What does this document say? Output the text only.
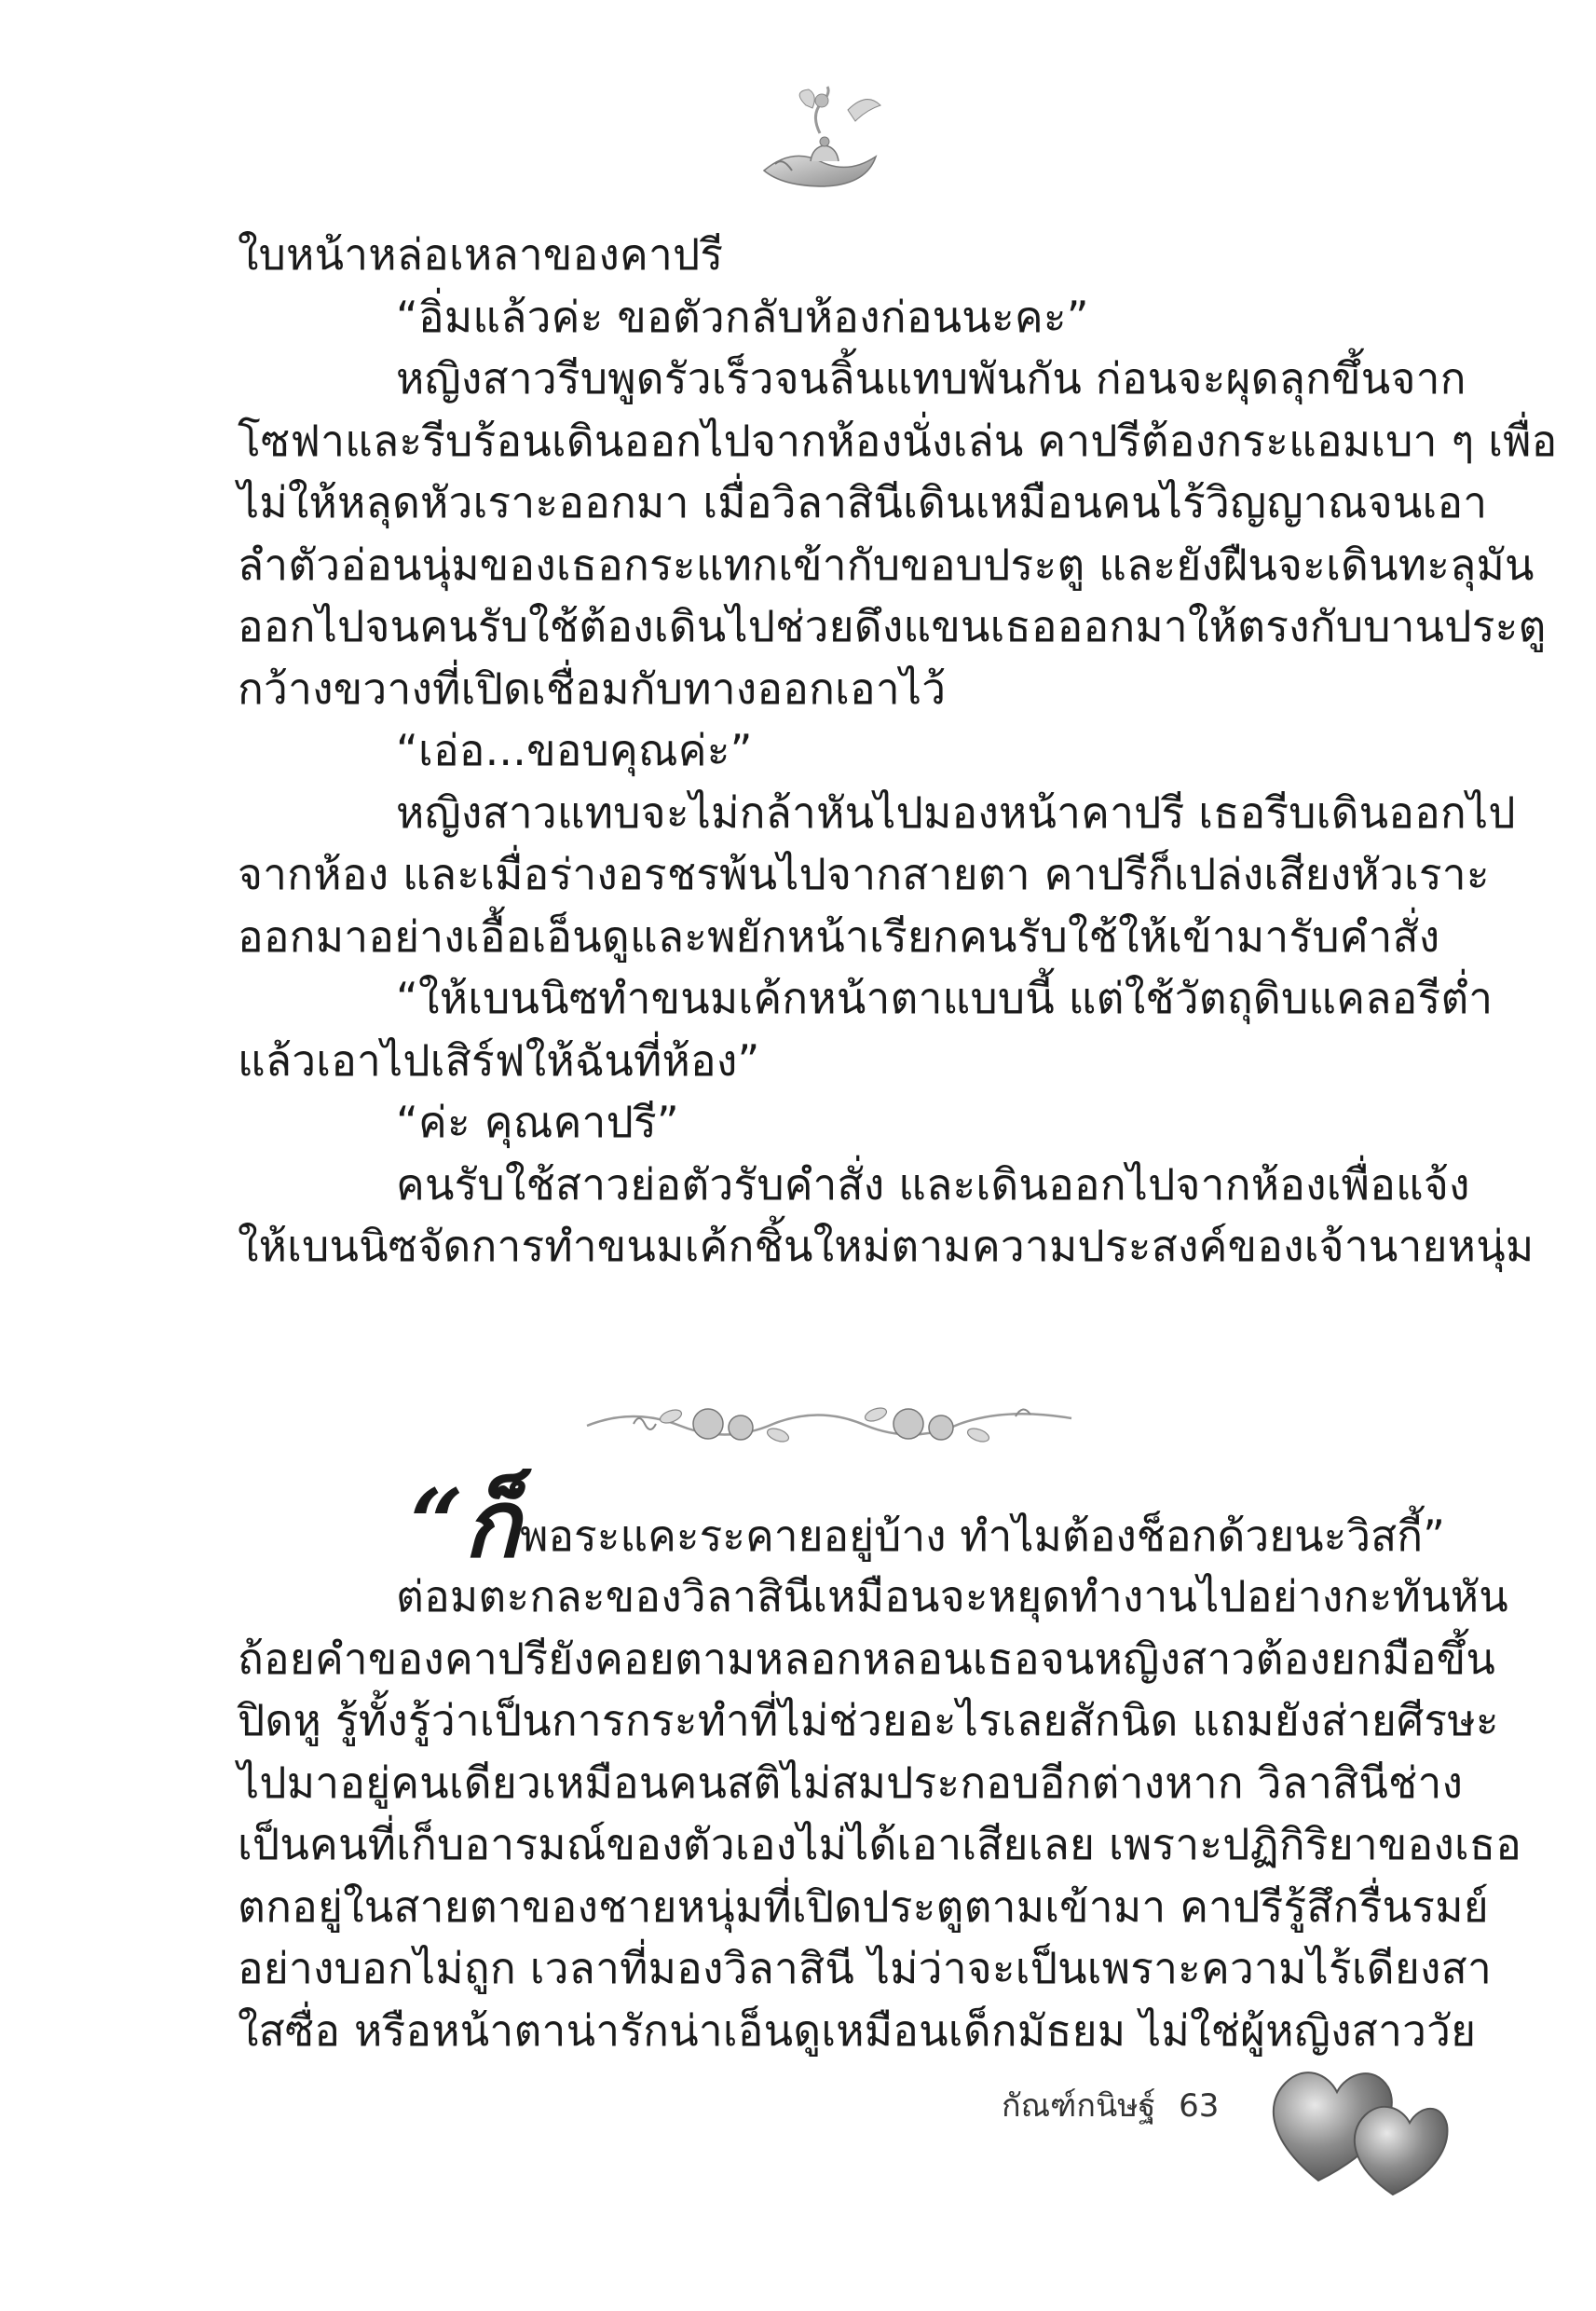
ใบหน้าหล่อเหลาของคาปรี
“อิ่มแล้วค่ะ ขอตัวกลับห้องก่อนนะคะ”
หญิงสาวรีบพูดรัวเร็วจนลิ้นแทบพันกัน ก่อนจะผุดลุกขึ้นจาก
โซฟาและรีบร้อนเดินออกไปจากห้องนั่งเล่น คาปรีต้องกระแอมเบา ๆ เพื่อ
ไม่ให้หลุดหัวเราะออกมา เมื่อวิลาสินีเดินเหมือนคนไร้วิญญาณจนเอา
ลำตัวอ่อนนุ่มของเธอกระแทกเข้ากับขอบประตู และยังฝืนจะเดินทะลุมัน
ออกไปจนคนรับใช้ต้องเดินไปช่วยดึงแขนเธอออกมาให้ตรงกับบานประตู
กว้างขวางที่เปิดเชื่อมกับทางออกเอาไว้
“เอ่อ...ขอบคุณค่ะ”
หญิงสาวแทบจะไม่กล้าหันไปมองหน้าคาปรี เธอรีบเดินออกไป
จากห้อง และเมื่อร่างอรชรพ้นไปจากสายตา คาปรีก็เปล่งเสียงหัวเราะ
ออกมาอย่างเอื้อเอ็นดูและพยักหน้าเรียกคนรับใช้ให้เข้ามารับคำสั่ง
“ให้เบนนิซทำขนมเค้กหน้าตาแบบนี้ แต่ใช้วัตถุดิบแคลอรีต่ำ
แล้วเอาไปเสิร์ฟให้ฉันที่ห้อง”
“ค่ะ คุณคาปรี”
คนรับใช้สาวย่อตัวรับคำสั่ง และเดินออกไปจากห้องเพื่อแจ้ง
ให้เบนนิซจัดการทำขนมเค้กชิ้นใหม่ตามความประสงค์ของเจ้านายหนุ่ม
“ก็พอระแคะระคายอยู่บ้าง ทำไมต้องช็อกด้วยนะวิสกี้”
ต่อมตะกละของวิลาสินีเหมือนจะหยุดทำงานไปอย่างกะทันหัน
ถ้อยคำของคาปรียังคอยตามหลอกหลอนเธอจนหญิงสาวต้องยกมือขึ้น
ปิดหู รู้ทั้งรู้ว่าเป็นการกระทำที่ไม่ช่วยอะไรเลยสักนิด แถมยังส่ายศีรษะ
ไปมาอยู่คนเดียวเหมือนคนสติไม่สมประกอบอีกต่างหาก วิลาสินีช่าง
เป็นคนที่เก็บอารมณ์ของตัวเองไม่ได้เอาเสียเลย เพราะปฏิกิริยาของเธอ
ตกอยู่ในสายตาของชายหนุ่มที่เปิดประตูตามเข้ามา คาปรีรู้สึกรื่นรมย์
อย่างบอกไม่ถูก เวลาที่มองวิลาสินี ไม่ว่าจะเป็นเพราะความไร้เดียงสา
ใสซื่อ หรือหน้าตาน่ารักน่าเอ็นดูเหมือนเด็กมัธยม ไม่ใช่ผู้หญิงสาววัย
กัณฑ์กนิษฐ์ 63
